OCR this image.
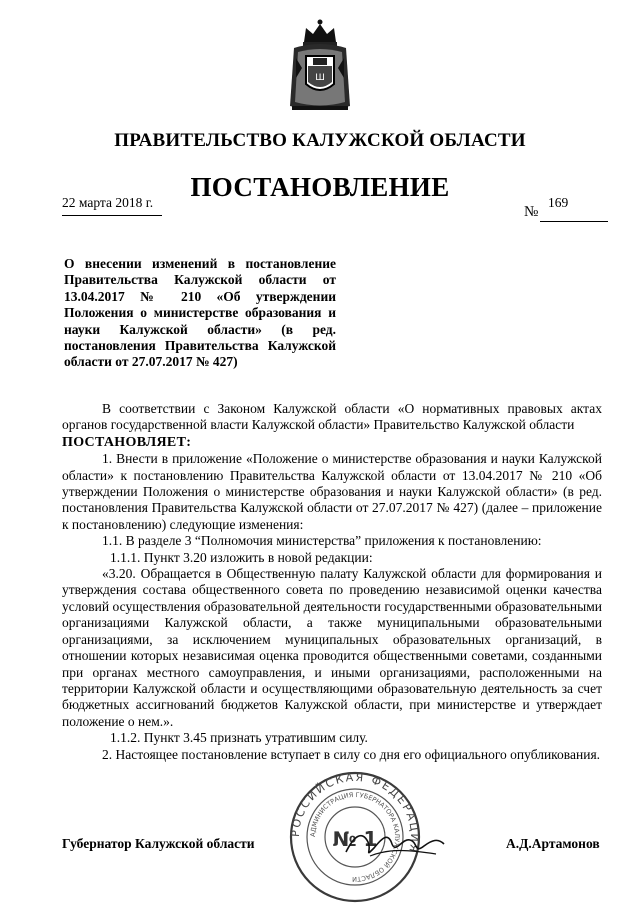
Ш
ПРАВИТЕЛЬСТВО КАЛУЖСКОЙ ОБЛАСТИ
ПОСТАНОВЛЕНИЕ
22 марта 2018 г.
№
169
О внесении изменений в постановление Правительства Калужской области от 13.04.2017 № 210 «Об утверждении Положения о министерстве образования и науки Калужской области» (в ред. постановления Правительства Калужской области от 27.07.2017 № 427)

В соответствии с Законом Калужской области «О нормативных правовых актах органов государственной власти Калужской области» Правительство Калужской области

ПОСТАНОВЛЯЕТ:

1. Внести в приложение «Положение о министерстве образования и науки Калужской области» к постановлению Правительства Калужской области от 13.04.2017 № 210 «Об утверждении Положения о министерстве образования и науки Калужской области» (в ред. постановления Правительства Калужской области от 27.07.2017 № 427) (далее – приложение к постановлению) следующие изменения:

1.1. В разделе 3 “Полномочия министерства” приложения к постановлению:

1.1.1. Пункт 3.20 изложить в новой редакции:

«3.20. Обращается в Общественную палату Калужской области для формирования и утверждения состава общественного совета по проведению независимой оценки качества условий осуществления образовательной деятельности государственными образовательными организациями Калужской области, а также муниципальными образовательными организациями, за исключением муниципальных образовательных организаций, в отношении которых независимая оценка проводится общественными советами, созданными при органах местного самоуправления, и иными организациями, расположенными на территории Калужской области и осуществляющими образовательную деятельность за счет бюджетных ассигнований бюджетов Калужской области, при министерстве и утверждает положение о нем.».

1.1.2. Пункт 3.45 признать утратившим силу.

2. Настоящее постановление вступает в силу со дня его официального опубликования.

РОССИЙСКАЯ ФЕДЕРАЦИЯ
АДМИНИСТРАЦИЯ ГУБЕРНАТОРА КАЛУЖСКОЙ ОБЛАСТИ
№ 1
Губернатор Калужской области	А.Д.Артамонов
